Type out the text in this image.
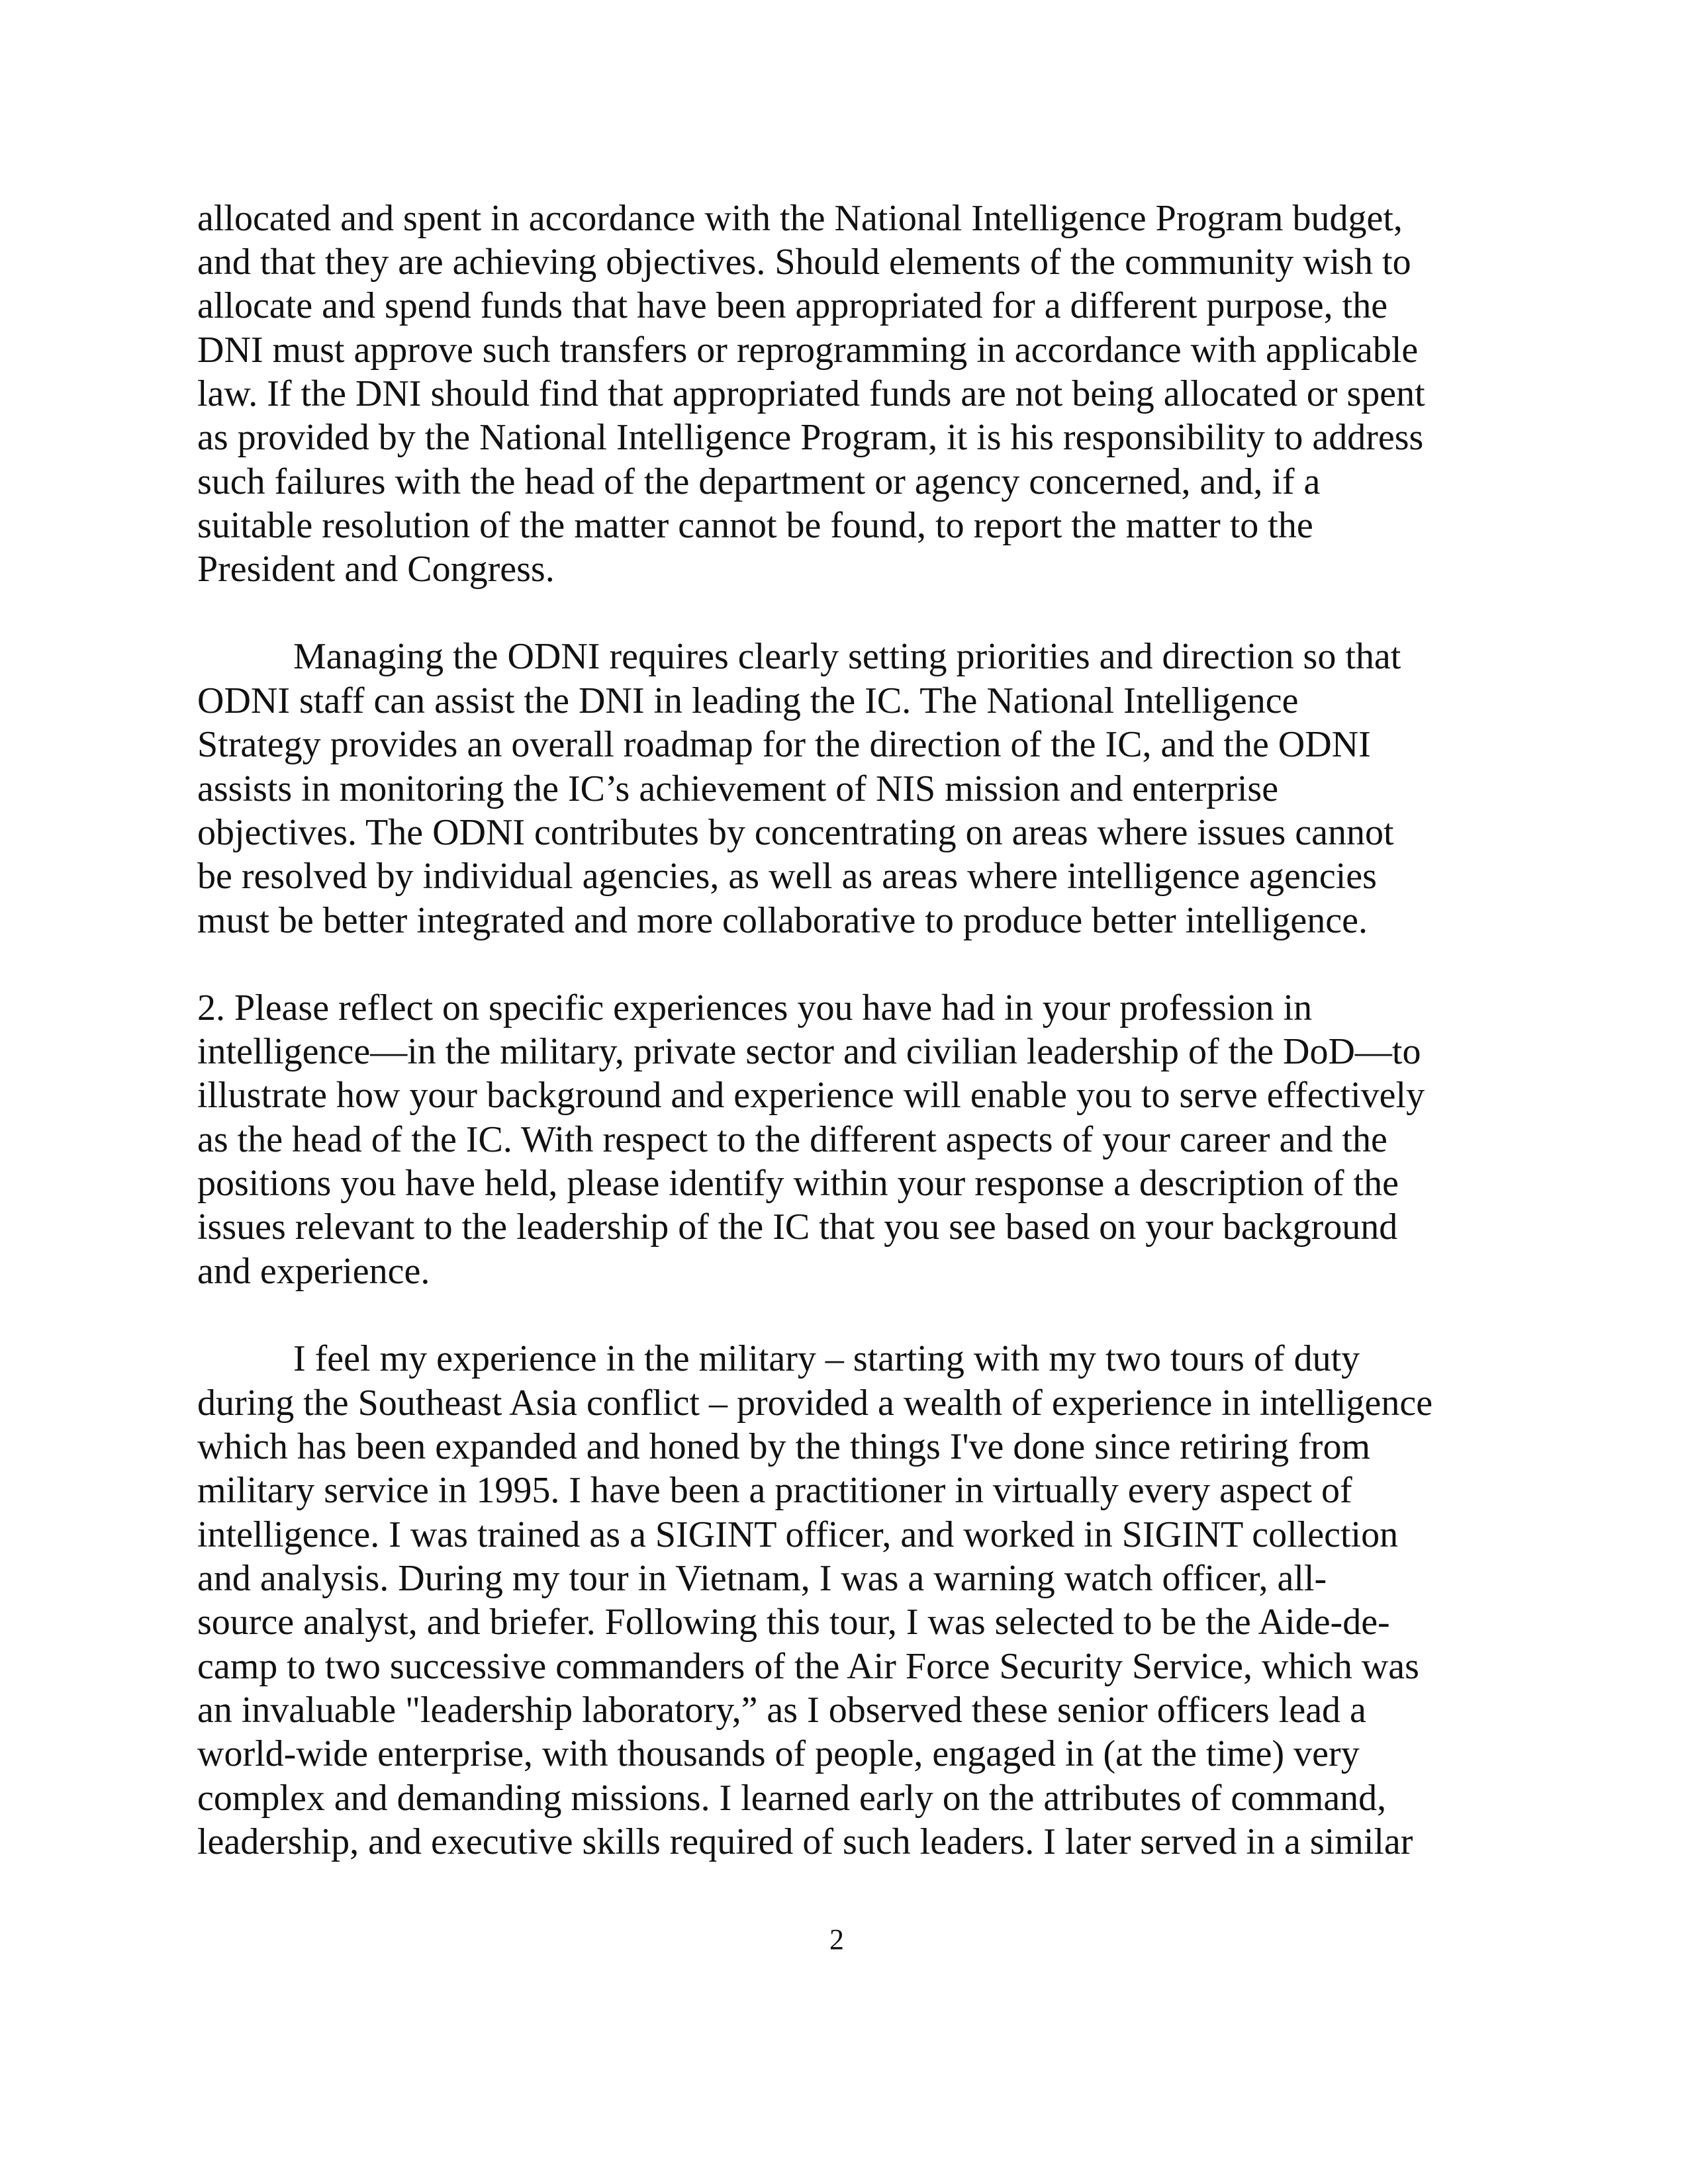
allocated and spent in accordance with the National Intelligence Program budget,
and that they are achieving objectives. Should elements of the community wish to
allocate and spend funds that have been appropriated for a different purpose, the
DNI must approve such transfers or reprogramming in accordance with applicable
law. If the DNI should find that appropriated funds are not being allocated or spent
as provided by the National Intelligence Program, it is his responsibility to address
such failures with the head of the department or agency concerned, and, if a
suitable resolution of the matter cannot be found, to report the matter to the
President and Congress.
Managing the ODNI requires clearly setting priorities and direction so that
ODNI staff can assist the DNI in leading the IC. The National Intelligence
Strategy provides an overall roadmap for the direction of the IC, and the ODNI
assists in monitoring the IC’s achievement of NIS mission and enterprise
objectives. The ODNI contributes by concentrating on areas where issues cannot
be resolved by individual agencies, as well as areas where intelligence agencies
must be better integrated and more collaborative to produce better intelligence.
2. Please reflect on specific experiences you have had in your profession in
intelligence—in the military, private sector and civilian leadership of the DoD—to
illustrate how your background and experience will enable you to serve effectively
as the head of the IC. With respect to the different aspects of your career and the
positions you have held, please identify within your response a description of the
issues relevant to the leadership of the IC that you see based on your background
and experience.
I feel my experience in the military – starting with my two tours of duty
during the Southeast Asia conflict – provided a wealth of experience in intelligence
which has been expanded and honed by the things I've done since retiring from
military service in 1995. I have been a practitioner in virtually every aspect of
intelligence. I was trained as a SIGINT officer, and worked in SIGINT collection
and analysis. During my tour in Vietnam, I was a warning watch officer, all-
source analyst, and briefer. Following this tour, I was selected to be the Aide-de-
camp to two successive commanders of the Air Force Security Service, which was
an invaluable "leadership laboratory,” as I observed these senior officers lead a
world-wide enterprise, with thousands of people, engaged in (at the time) very
complex and demanding missions. I learned early on the attributes of command,
leadership, and executive skills required of such leaders. I later served in a similar
2
